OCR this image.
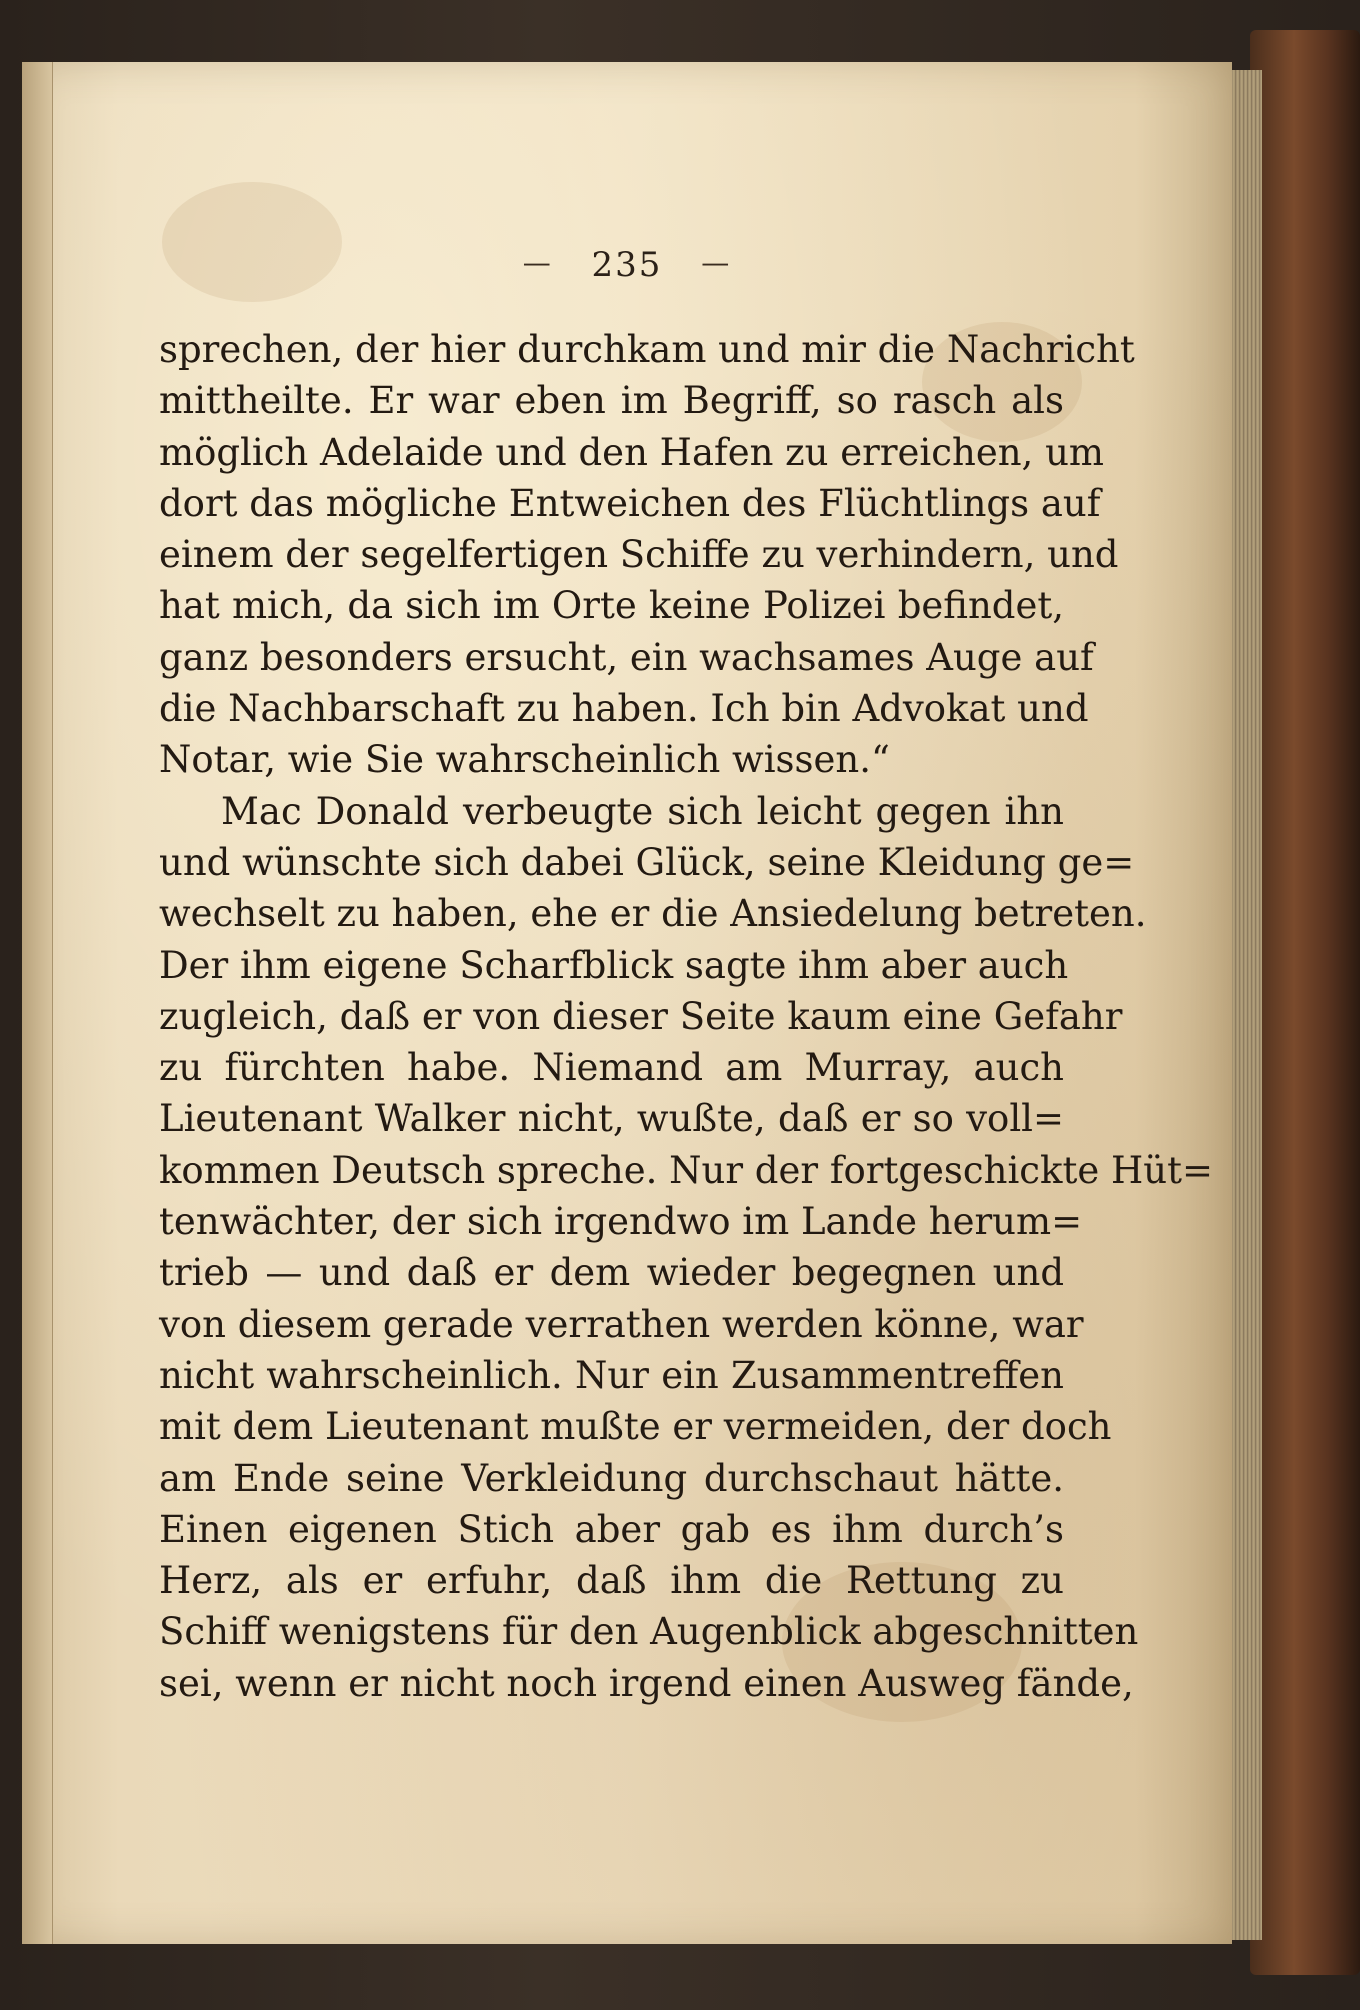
— 235 —
sprechen, der hier durchkam und mir die Nachricht
mittheilte. Er war eben im Begriff, so rasch als
möglich Adelaide und den Hafen zu erreichen, um
dort das mögliche Entweichen des Flüchtlings auf
einem der segelfertigen Schiffe zu verhindern, und
hat mich, da sich im Orte keine Polizei befindet,
ganz besonders ersucht, ein wachsames Auge auf
die Nachbarschaft zu haben. Ich bin Advokat und
Notar, wie Sie wahrscheinlich wissen.“
Mac Donald verbeugte sich leicht gegen ihn
und wünschte sich dabei Glück, seine Kleidung ge=
wechselt zu haben, ehe er die Ansiedelung betreten.
Der ihm eigene Scharfblick sagte ihm aber auch
zugleich, daß er von dieser Seite kaum eine Gefahr
zu fürchten habe. Niemand am Murray, auch
Lieutenant Walker nicht, wußte, daß er so voll=
kommen Deutsch spreche. Nur der fortgeschickte Hüt=
tenwächter, der sich irgendwo im Lande herum=
trieb — und daß er dem wieder begegnen und
von diesem gerade verrathen werden könne, war
nicht wahrscheinlich. Nur ein Zusammentreffen
mit dem Lieutenant mußte er vermeiden, der doch
am Ende seine Verkleidung durchschaut hätte.
Einen eigenen Stich aber gab es ihm durch’s
Herz, als er erfuhr, daß ihm die Rettung zu
Schiff wenigstens für den Augenblick abgeschnitten
sei, wenn er nicht noch irgend einen Ausweg fände,
